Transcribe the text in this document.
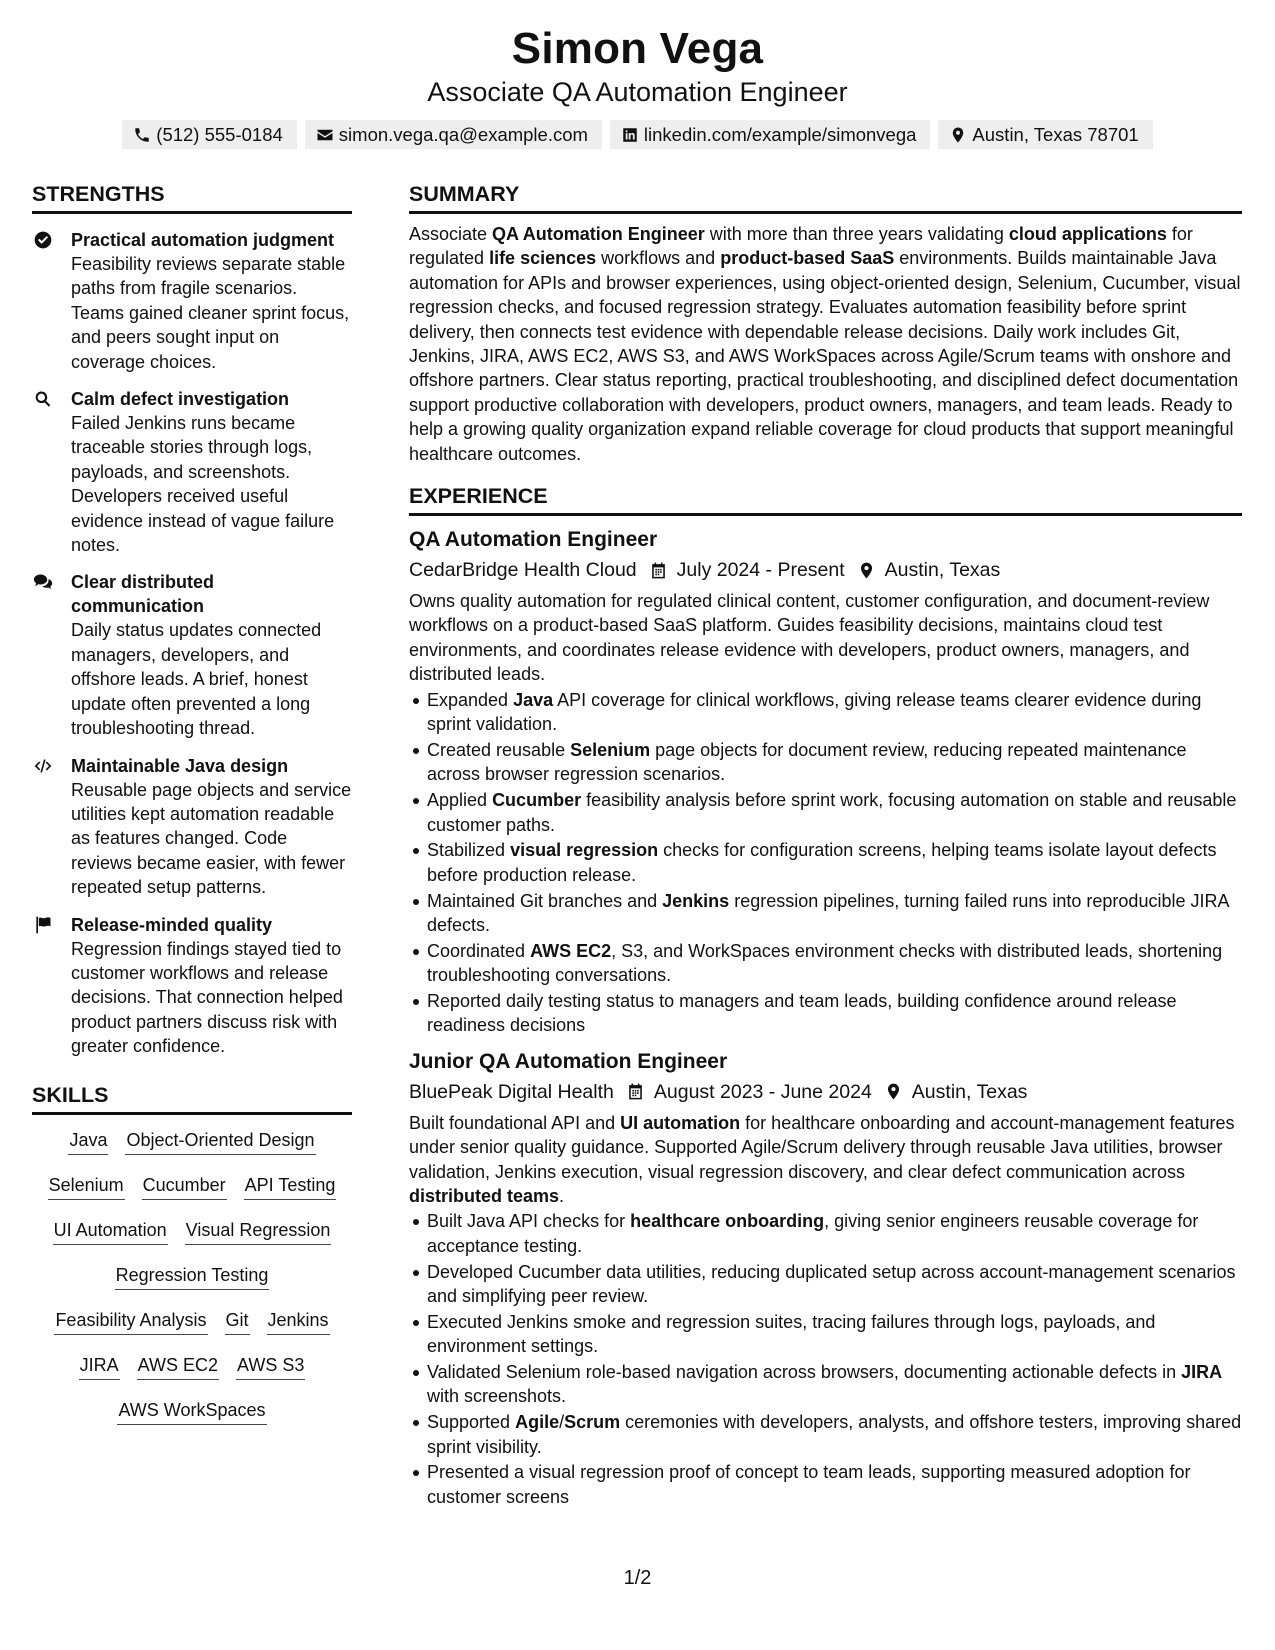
Simon Vega
Associate QA Automation Engineer
(512) 555-0184	simon.vega.qa@example.com	linkedin.com/example/simonvega	Austin, Texas 78701
STRENGTHS
Practical automation judgment
Feasibility reviews separate stable paths from fragile scenarios. Teams gained cleaner sprint focus, and peers sought input on coverage choices.
Calm defect investigation
Failed Jenkins runs became traceable stories through logs, payloads, and screenshots. Developers received useful evidence instead of vague failure notes.
Clear distributed communication
Daily status updates connected managers, developers, and offshore leads. A brief, honest update often prevented a long troubleshooting thread.
Maintainable Java design
Reusable page objects and service utilities kept automation readable as features changed. Code reviews became easier, with fewer repeated setup patterns.
Release-minded quality
Regression findings stayed tied to customer workflows and release decisions. That connection helped product partners discuss risk with greater confidence.
SKILLS
Java Object-Oriented Design
Selenium Cucumber API Testing
UI Automation Visual Regression
Regression Testing
Feasibility Analysis Git Jenkins
JIRA AWS EC2 AWS S3
AWS WorkSpaces
SUMMARY
Associate QA Automation Engineer with more than three years validating cloud applications for regulated life sciences workflows and product-based SaaS environments. Builds maintainable Java automation for APIs and browser experiences, using object-oriented design, Selenium, Cucumber, visual regression checks, and focused regression strategy. Evaluates automation feasibility before sprint delivery, then connects test evidence with dependable release decisions. Daily work includes Git, Jenkins, JIRA, AWS EC2, AWS S3, and AWS WorkSpaces across Agile/Scrum teams with onshore and offshore partners. Clear status reporting, practical troubleshooting, and disciplined defect documentation support productive collaboration with developers, product owners, managers, and team leads. Ready to help a growing quality organization expand reliable coverage for cloud products that support meaningful healthcare outcomes.
EXPERIENCE
QA Automation Engineer
CedarBridge Health Cloud July 2024 - Present Austin, Texas
Owns quality automation for regulated clinical content, customer configuration, and document-review workflows on a product-based SaaS platform. Guides feasibility decisions, maintains cloud test environments, and coordinates release evidence with developers, product owners, managers, and distributed leads.
Expanded Java API coverage for clinical workflows, giving release teams clearer evidence during sprint validation.
Created reusable Selenium page objects for document review, reducing repeated maintenance across browser regression scenarios.
Applied Cucumber feasibility analysis before sprint work, focusing automation on stable and reusable customer paths.
Stabilized visual regression checks for configuration screens, helping teams isolate layout defects before production release.
Maintained Git branches and Jenkins regression pipelines, turning failed runs into reproducible JIRA defects.
Coordinated AWS EC2, S3, and WorkSpaces environment checks with distributed leads, shortening troubleshooting conversations.
Reported daily testing status to managers and team leads, building confidence around release readiness decisions
Junior QA Automation Engineer
BluePeak Digital Health August 2023 - June 2024 Austin, Texas
Built foundational API and UI automation for healthcare onboarding and account-management features under senior quality guidance. Supported Agile/Scrum delivery through reusable Java utilities, browser validation, Jenkins execution, visual regression discovery, and clear defect communication across distributed teams.
Built Java API checks for healthcare onboarding, giving senior engineers reusable coverage for acceptance testing.
Developed Cucumber data utilities, reducing duplicated setup across account-management scenarios and simplifying peer review.
Executed Jenkins smoke and regression suites, tracing failures through logs, payloads, and environment settings.
Validated Selenium role-based navigation across browsers, documenting actionable defects in JIRA with screenshots.
Supported Agile/Scrum ceremonies with developers, analysts, and offshore testers, improving shared sprint visibility.
Presented a visual regression proof of concept to team leads, supporting measured adoption for customer screens
1/2
